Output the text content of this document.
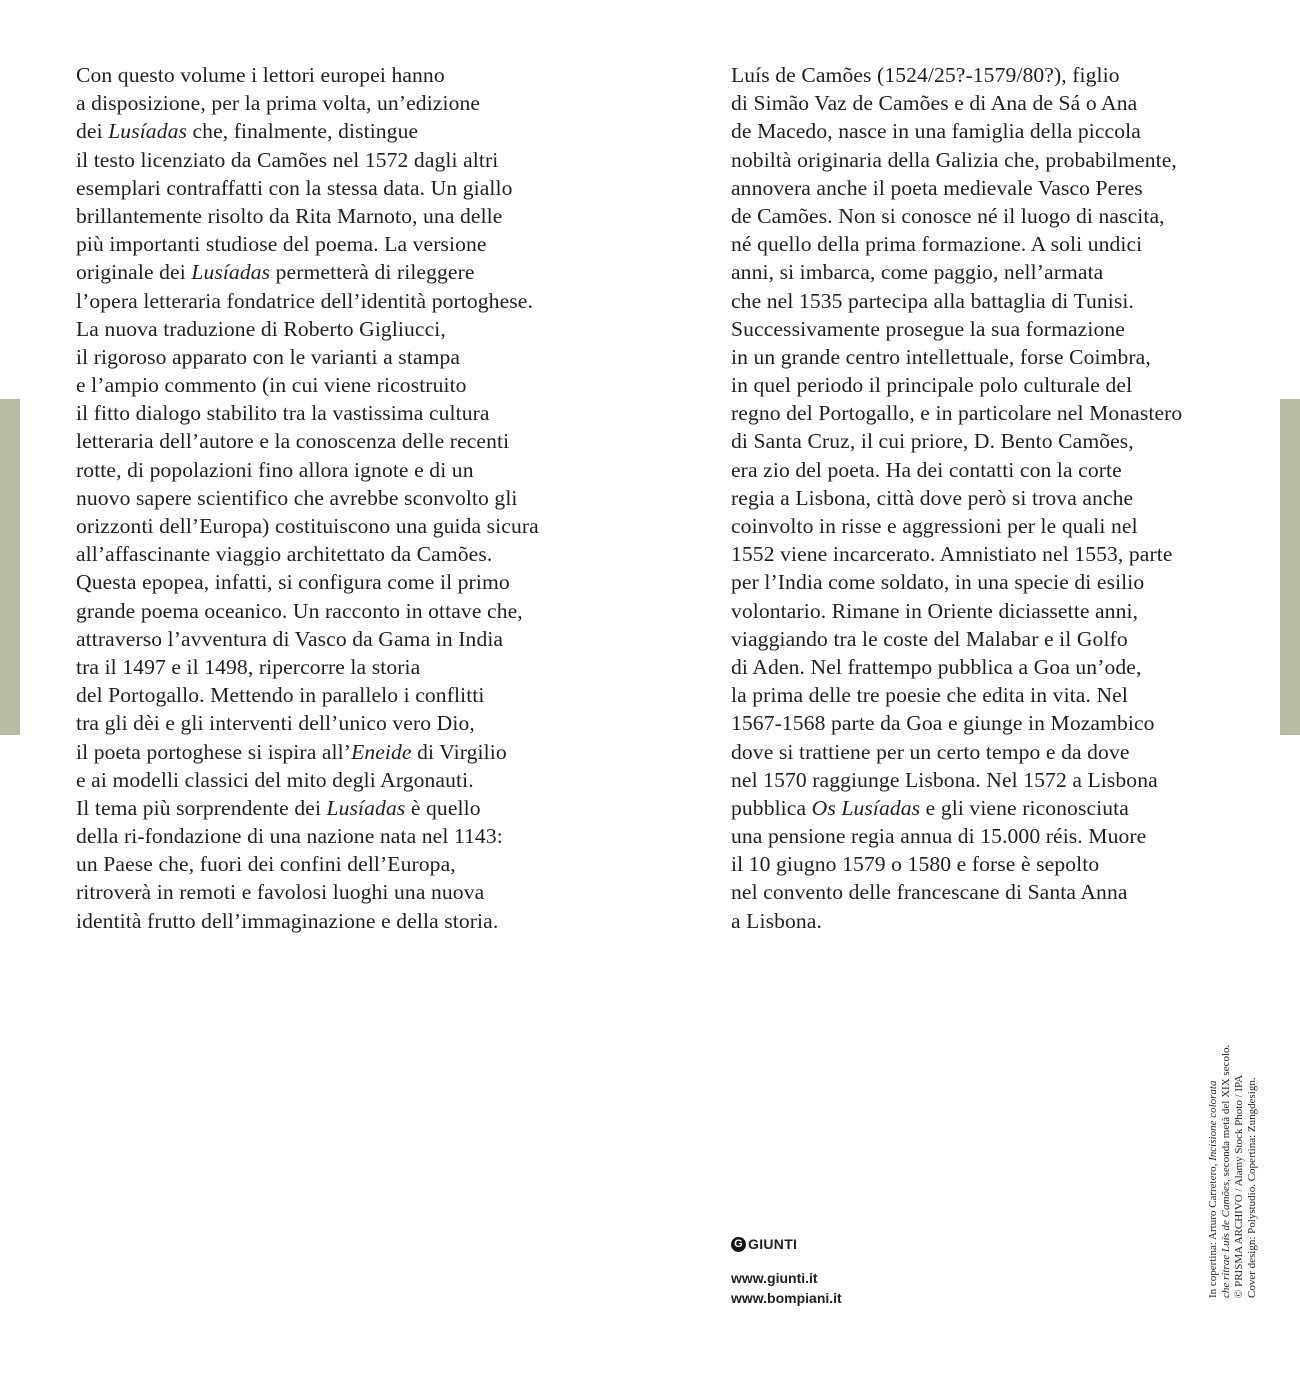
Con questo volume i lettori europei hanno
a disposizione, per la prima volta, un’edizione
dei Lusíadas che, finalmente, distingue
il testo licenziato da Camões nel 1572 dagli altri
esemplari contraffatti con la stessa data. Un giallo
brillantemente risolto da Rita Marnoto, una delle
più importanti studiose del poema. La versione
originale dei Lusíadas permetterà di rileggere
l’opera letteraria fondatrice dell’identità portoghese.
La nuova traduzione di Roberto Gigliucci,
il rigoroso apparato con le varianti a stampa
e l’ampio commento (in cui viene ricostruito
il fitto dialogo stabilito tra la vastissima cultura
letteraria dell’autore e la conoscenza delle recenti
rotte, di popolazioni fino allora ignote e di un
nuovo sapere scientifico che avrebbe sconvolto gli
orizzonti dell’Europa) costituiscono una guida sicura
all’affascinante viaggio architettato da Camões.
Questa epopea, infatti, si configura come il primo
grande poema oceanico. Un racconto in ottave che,
attraverso l’avventura di Vasco da Gama in India
tra il 1497 e il 1498, ripercorre la storia
del Portogallo. Mettendo in parallelo i conflitti
tra gli dèi e gli interventi dell’unico vero Dio,
il poeta portoghese si ispira all’Eneide di Virgilio
e ai modelli classici del mito degli Argonauti.
Il tema più sorprendente dei Lusíadas è quello
della ri-fondazione di una nazione nata nel 1143:
un Paese che, fuori dei confini dell’Europa,
ritroverà in remoti e favolosi luoghi una nuova
identità frutto dell’immaginazione e della storia.
Luís de Camões (1524/25?-1579/80?), figlio
di Simão Vaz de Camões e di Ana de Sá o Ana
de Macedo, nasce in una famiglia della piccola
nobiltà originaria della Galizia che, probabilmente,
annovera anche il poeta medievale Vasco Peres
de Camões. Non si conosce né il luogo di nascita,
né quello della prima formazione. A soli undici
anni, si imbarca, come paggio, nell’armata
che nel 1535 partecipa alla battaglia di Tunisi.
Successivamente prosegue la sua formazione
in un grande centro intellettuale, forse Coimbra,
in quel periodo il principale polo culturale del
regno del Portogallo, e in particolare nel Monastero
di Santa Cruz, il cui priore, D. Bento Camões,
era zio del poeta. Ha dei contatti con la corte
regia a Lisbona, città dove però si trova anche
coinvolto in risse e aggressioni per le quali nel
1552 viene incarcerato. Amnistiato nel 1553, parte
per l’India come soldato, in una specie di esilio
volontario. Rimane in Oriente diciassette anni,
viaggiando tra le coste del Malabar e il Golfo
di Aden. Nel frattempo pubblica a Goa un’ode,
la prima delle tre poesie che edita in vita. Nel
1567-1568 parte da Goa e giunge in Mozambico
dove si trattiene per un certo tempo e da dove
nel 1570 raggiunge Lisbona. Nel 1572 a Lisbona
pubblica Os Lusíadas e gli viene riconosciuta
una pensione regia annua di 15.000 réis. Muore
il 10 giugno 1579 o 1580 e forse è sepolto
nel convento delle francescane di Santa Anna
a Lisbona.
G GIUNTI
www.giunti.it
www.bompiani.it	In copertina: Arturo Carretero, Incisione colorata
che ritrae Luís de Camões, seconda metà del XIX secolo. © PRISMA ARCHIVO / Alamy Stock Photo / IPA Cover design: Polystudio. Copertina: Zungdesign.
